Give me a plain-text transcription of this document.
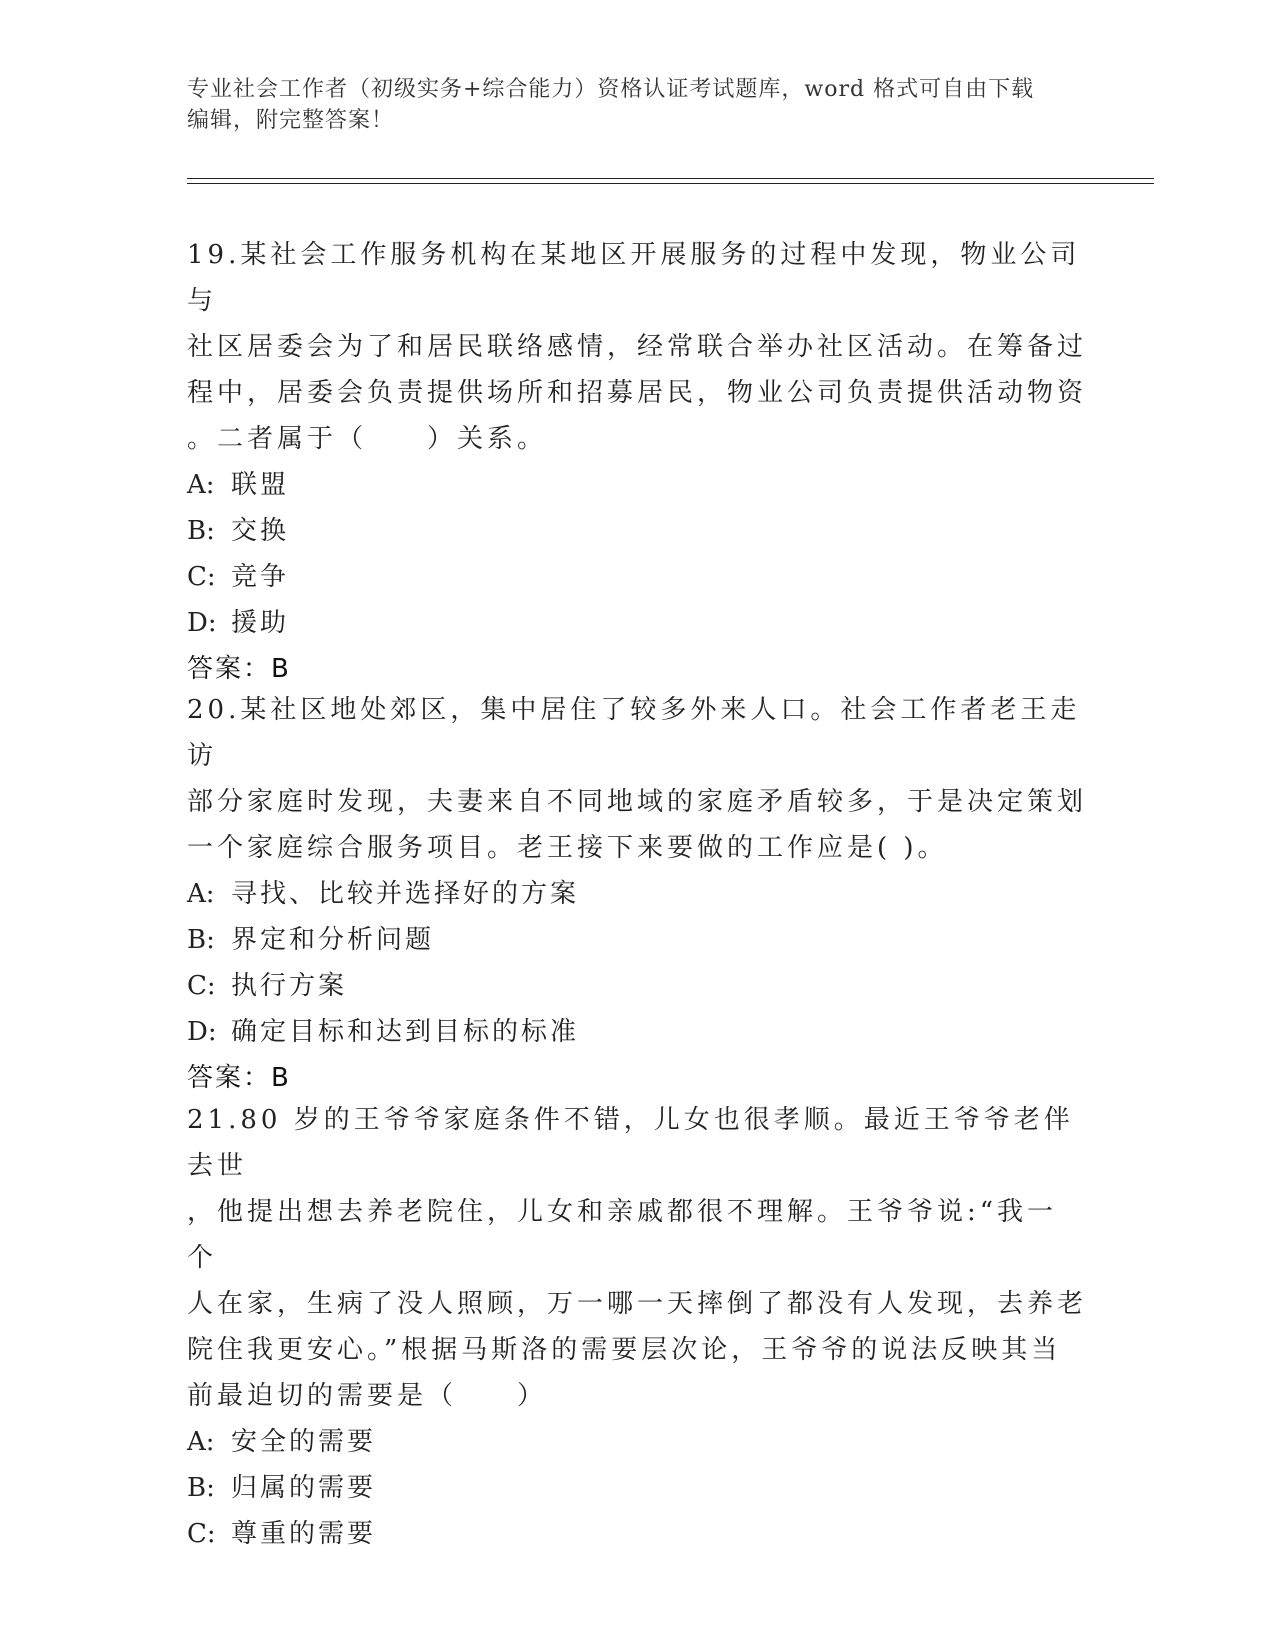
专业社会工作者（初级实务+综合能力）资格认证考试题库，word 格式可自由下载
编辑，附完整答案！

19.某社会工作服务机构在某地区开展服务的过程中发现，物业公司与

社区居委会为了和居民联络感情，经常联合举办社区活动。在筹备过

程中，居委会负责提供场所和招募居民，物业公司负责提供活动物资

。二者属于（　　）关系。

A: 联盟

B: 交换

C: 竞争

D: 援助

答案：B

20.某社区地处郊区，集中居住了较多外来人口。社会工作者老王走访

部分家庭时发现，夫妻来自不同地域的家庭矛盾较多，于是决定策划

一个家庭综合服务项目。老王接下来要做的工作应是( )。

A: 寻找、比较并选择好的方案

B: 界定和分析问题

C: 执行方案

D: 确定目标和达到目标的标准

答案：B

21.80 岁的王爷爷家庭条件不错，儿女也很孝顺。最近王爷爷老伴去世

，他提出想去养老院住，儿女和亲戚都很不理解。王爷爷说:“我一个

人在家，生病了没人照顾，万一哪一天摔倒了都没有人发现，去养老

院住我更安心。”根据马斯洛的需要层次论，王爷爷的说法反映其当

前最迫切的需要是（　　）

A: 安全的需要

B: 归属的需要

C: 尊重的需要
